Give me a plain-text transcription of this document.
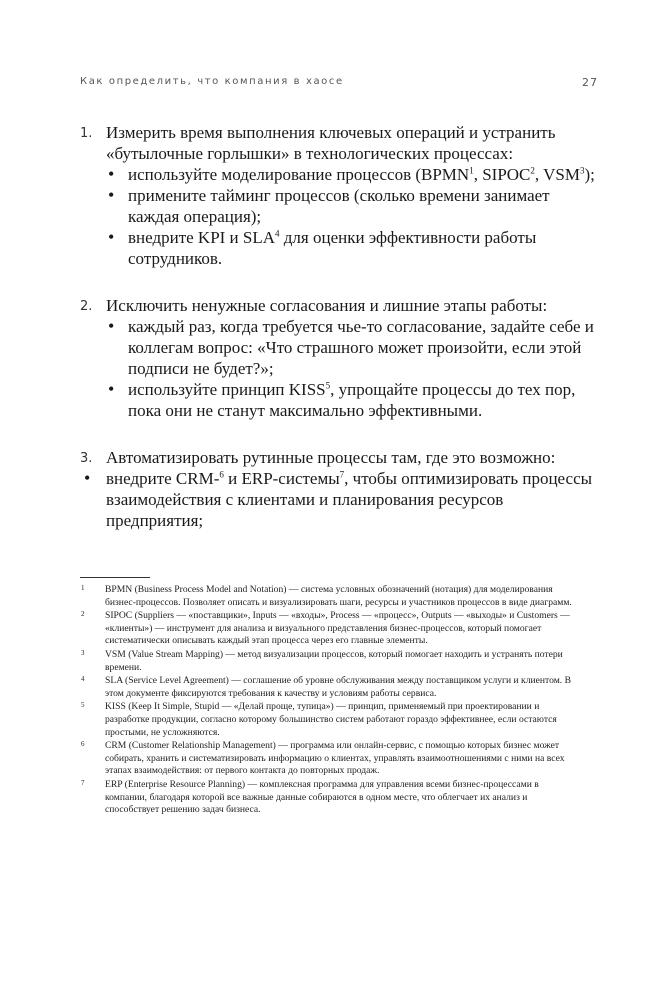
Как определить, что компания в хаосе	27
1. Измерить время выполнения ключевых операций и устранить «бутылочные горлышки» в технологических процессах:
• используйте моделирование процессов (BPMN$^1$, SIPOC$^2$, VSM$^3$);
• примените тайминг процессов (сколько времени занимает каждая операция);
• внедрите KPI и SLA$^4$ для оценки эффективности работы сотрудников.
2. Исключить ненужные согласования и лишние этапы работы:
• каждый раз, когда требуется чье-то согласование, задайте себе и коллегам вопрос: «Что страшного может произойти, если этой подписи не будет?»;
• используйте принцип KISS$^5$, упрощайте процессы до тех пор, пока они не станут максимально эффективными.
3. Автоматизировать рутинные процессы там, где это возможно:
• внедрите CRM-$^6$ и ERP-системы$^7$, чтобы оптимизировать процессы взаимодействия с клиентами и планирования ресурсов предприятия;
1 BPMN (Business Process Model and Notation) — система условных обозначений (нотация) для моделирования бизнес-процессов. Позволяет описать и визуализировать шаги, ресурсы и участников процессов в виде диаграмм.
2 SIPOC (Suppliers — «поставщики», Inputs — «входы», Process — «процесс», Outputs — «выходы» и Customers — «клиенты») — инструмент для анализа и визуального представления бизнес-процессов, который помогает систематически описывать каждый этап процесса через его главные элементы.
3 VSM (Value Stream Mapping) — метод визуализации процессов, который помогает находить и устранять потери времени.
4 SLA (Service Level Agreement) — соглашение об уровне обслуживания между поставщиком услуги и клиентом. В этом документе фиксируются требования к качеству и условиям работы сервиса.
5 KISS (Keep It Simple, Stupid — «Делай проще, тупица») — принцип, применяемый при проектировании и разработке продукции, согласно которому большинство систем работают гораздо эффективнее, если остаются простыми, не усложняются.
6 CRM (Customer Relationship Management) — программа или онлайн-сервис, с помощью которых бизнес может собирать, хранить и систематизировать информацию о клиентах, управлять взаимоотношениями с ними на всех этапах взаимодействия: от первого контакта до повторных продаж.
7 ERP (Enterprise Resource Planning) — комплексная программа для управления всеми бизнес-процессами в компании, благодаря которой все важные данные собираются в одном месте, что облегчает их анализ и способствует решению задач бизнеса.
